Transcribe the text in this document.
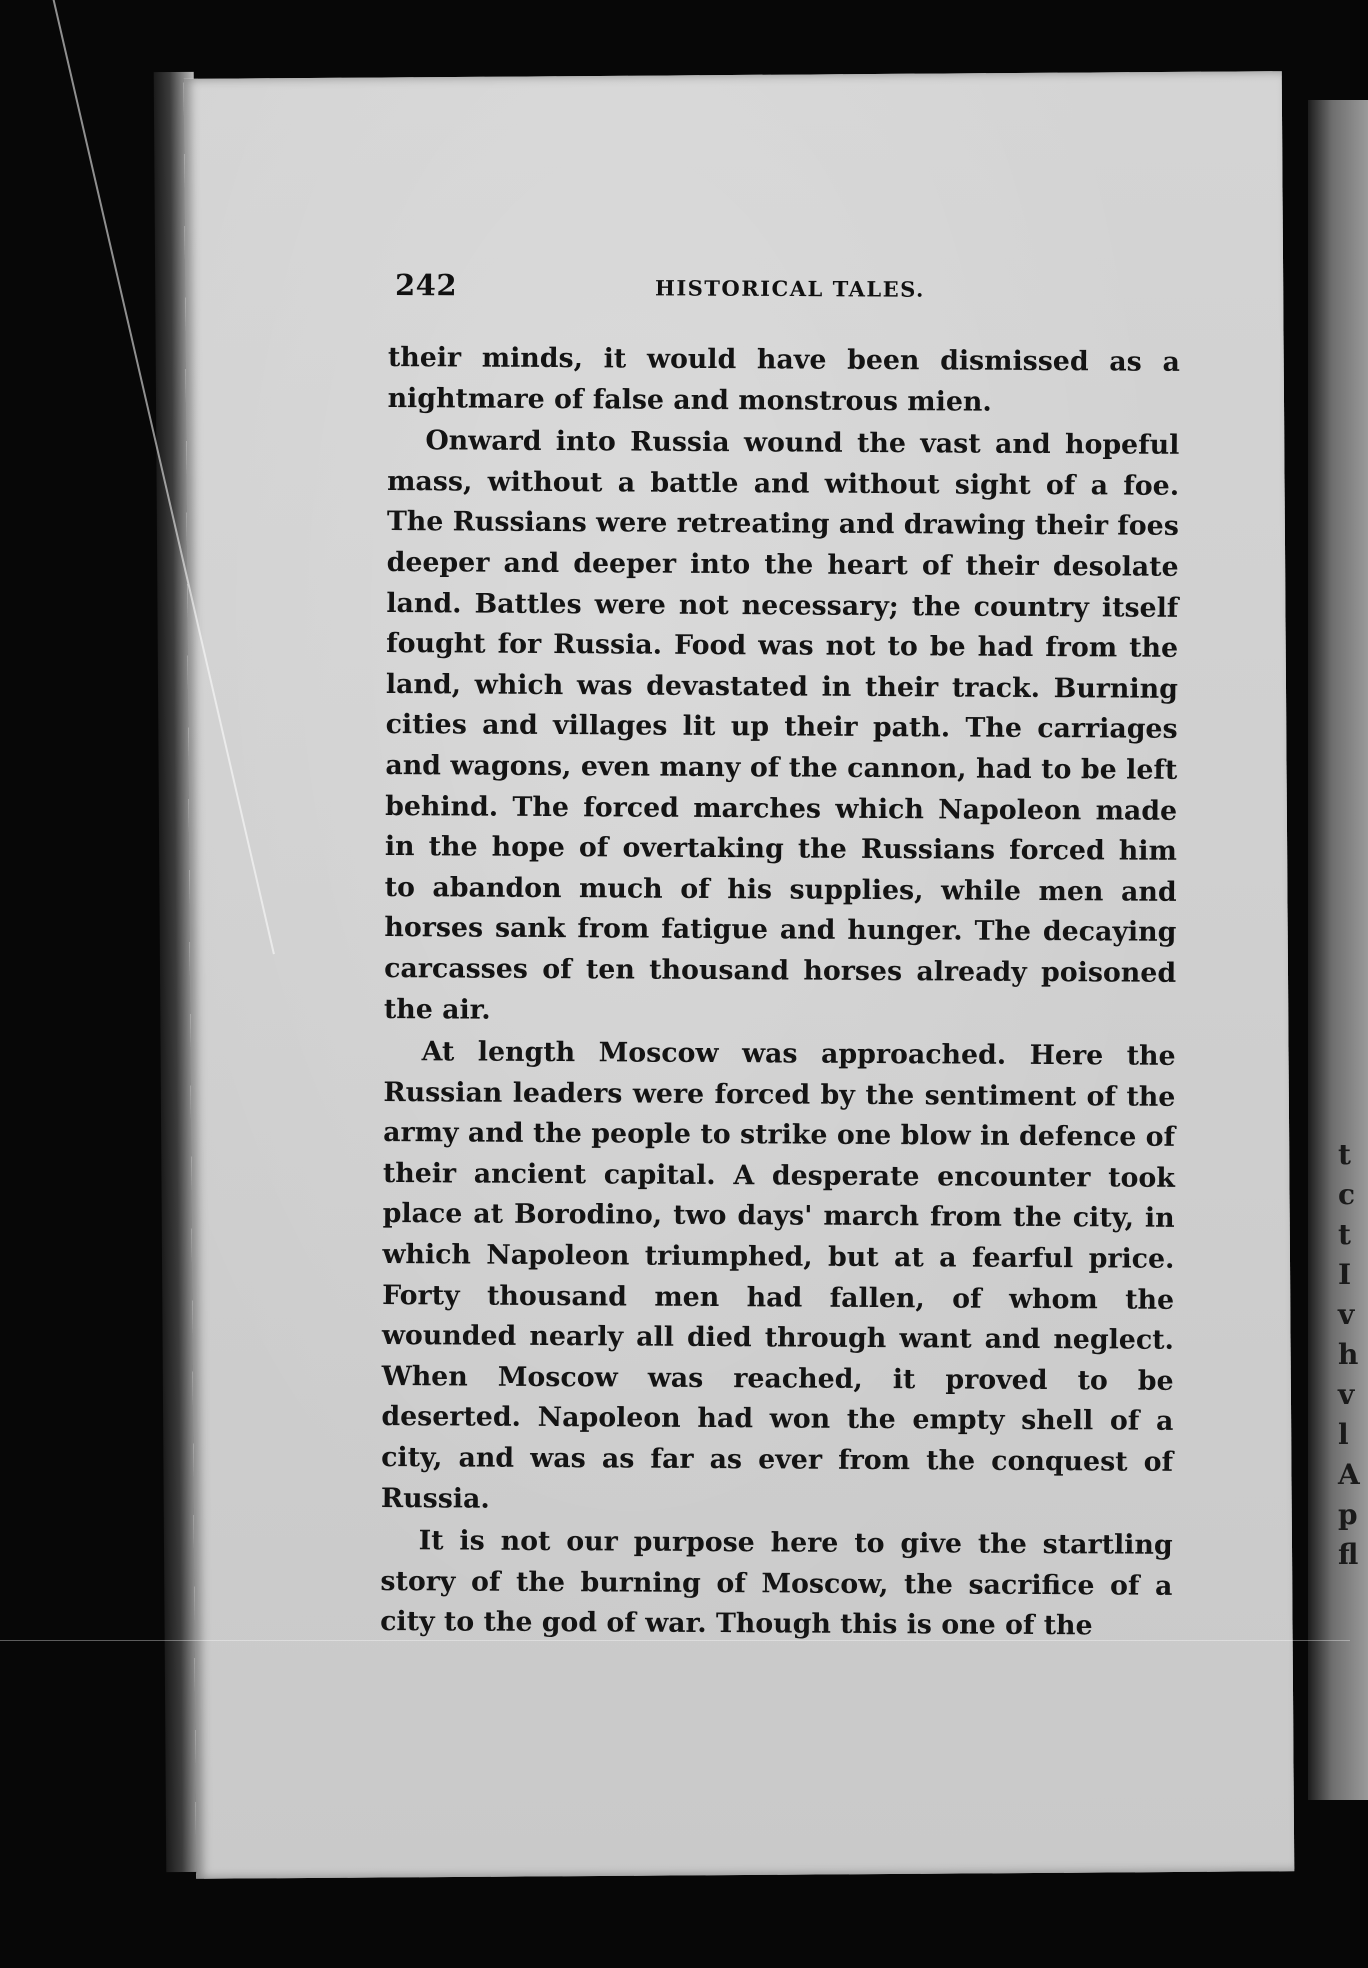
242	HISTORICAL TALES.

their minds, it would have been dismissed as a nightmare of false and monstrous mien.

Onward into Russia wound the vast and hopeful mass, without a battle and without sight of a foe. The Russians were retreating and drawing their foes deeper and deeper into the heart of their desolate land. Battles were not necessary; the country itself fought for Russia. Food was not to be had from the land, which was devastated in their track. Burning cities and villages lit up their path. The carriages and wagons, even many of the cannon, had to be left behind. The forced marches which Napoleon made in the hope of overtaking the Russians forced him to abandon much of his supplies, while men and horses sank from fatigue and hunger. The decaying carcasses of ten thousand horses already poisoned the air.

At length Moscow was approached. Here the Russian leaders were forced by the sentiment of the army and the people to strike one blow in defence of their ancient capital. A desperate encounter took place at Borodino, two days' march from the city, in which Napoleon triumphed, but at a fearful price. Forty thousand men had fallen, of whom the wounded nearly all died through want and neglect. When Moscow was reached, it proved to be deserted. Napoleon had won the empty shell of a city, and was as far as ever from the conquest of Russia.

It is not our purpose here to give the startling story of the burning of Moscow, the sacrifice of a city to the god of war. Though this is one of the

t
c
t
I
v
h
v
l
A
p
fl
